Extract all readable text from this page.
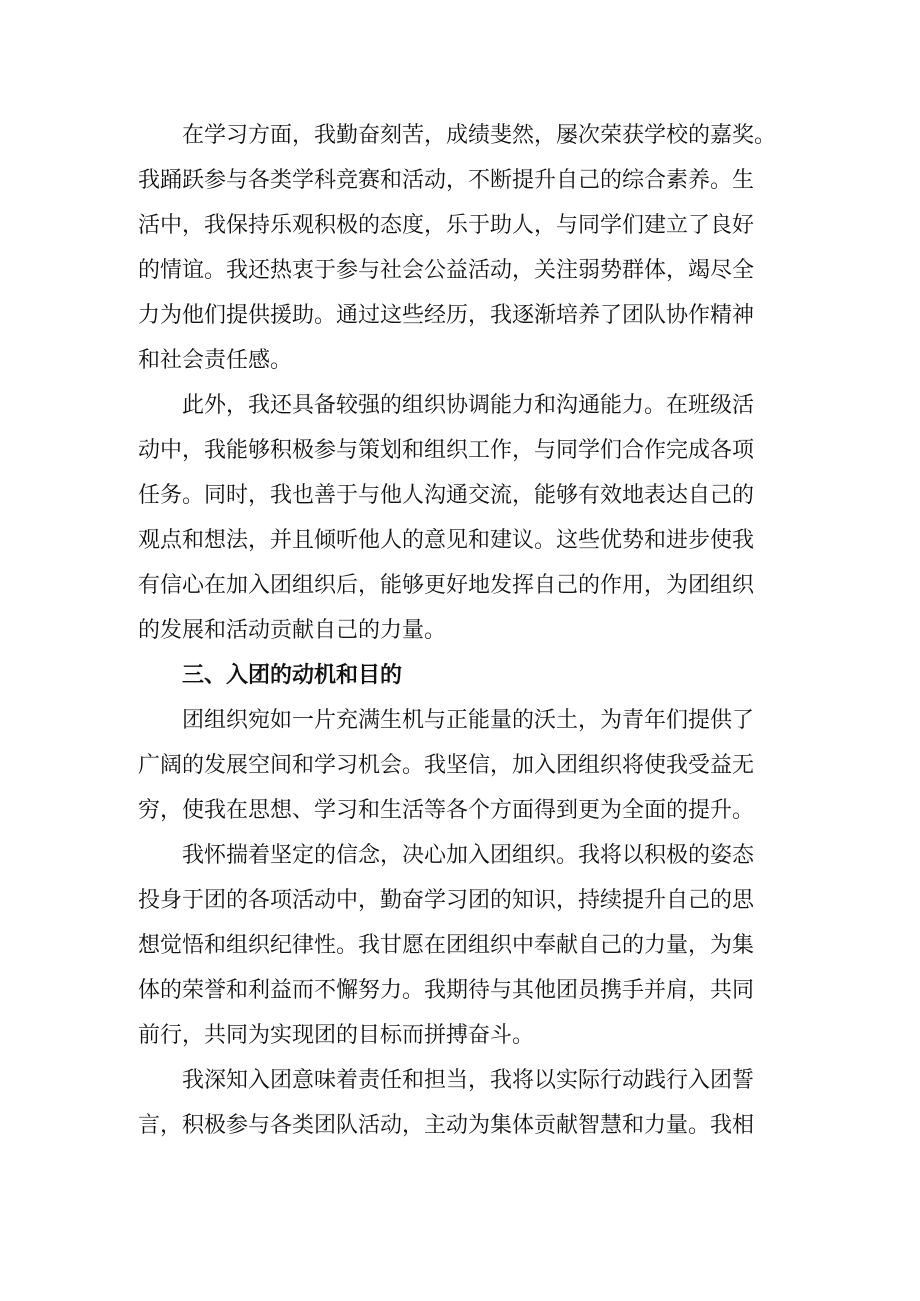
在学习方面，我勤奋刻苦，成绩斐然，屡次荣获学校的嘉奖。
我踊跃参与各类学科竞赛和活动，不断提升自己的综合素养。生
活中，我保持乐观积极的态度，乐于助人，与同学们建立了良好
的情谊。我还热衷于参与社会公益活动，关注弱势群体，竭尽全
力为他们提供援助。通过这些经历，我逐渐培养了团队协作精神
和社会责任感。
此外，我还具备较强的组织协调能力和沟通能力。在班级活
动中，我能够积极参与策划和组织工作，与同学们合作完成各项
任务。同时，我也善于与他人沟通交流，能够有效地表达自己的
观点和想法，并且倾听他人的意见和建议。这些优势和进步使我
有信心在加入团组织后，能够更好地发挥自己的作用，为团组织
的发展和活动贡献自己的力量。
三、入团的动机和目的
团组织宛如一片充满生机与正能量的沃土，为青年们提供了
广阔的发展空间和学习机会。我坚信，加入团组织将使我受益无
穷，使我在思想、学习和生活等各个方面得到更为全面的提升。
我怀揣着坚定的信念，决心加入团组织。我将以积极的姿态
投身于团的各项活动中，勤奋学习团的知识，持续提升自己的思
想觉悟和组织纪律性。我甘愿在团组织中奉献自己的力量，为集
体的荣誉和利益而不懈努力。我期待与其他团员携手并肩，共同
前行，共同为实现团的目标而拼搏奋斗。
我深知入团意味着责任和担当，我将以实际行动践行入团誓
言，积极参与各类团队活动，主动为集体贡献智慧和力量。我相
